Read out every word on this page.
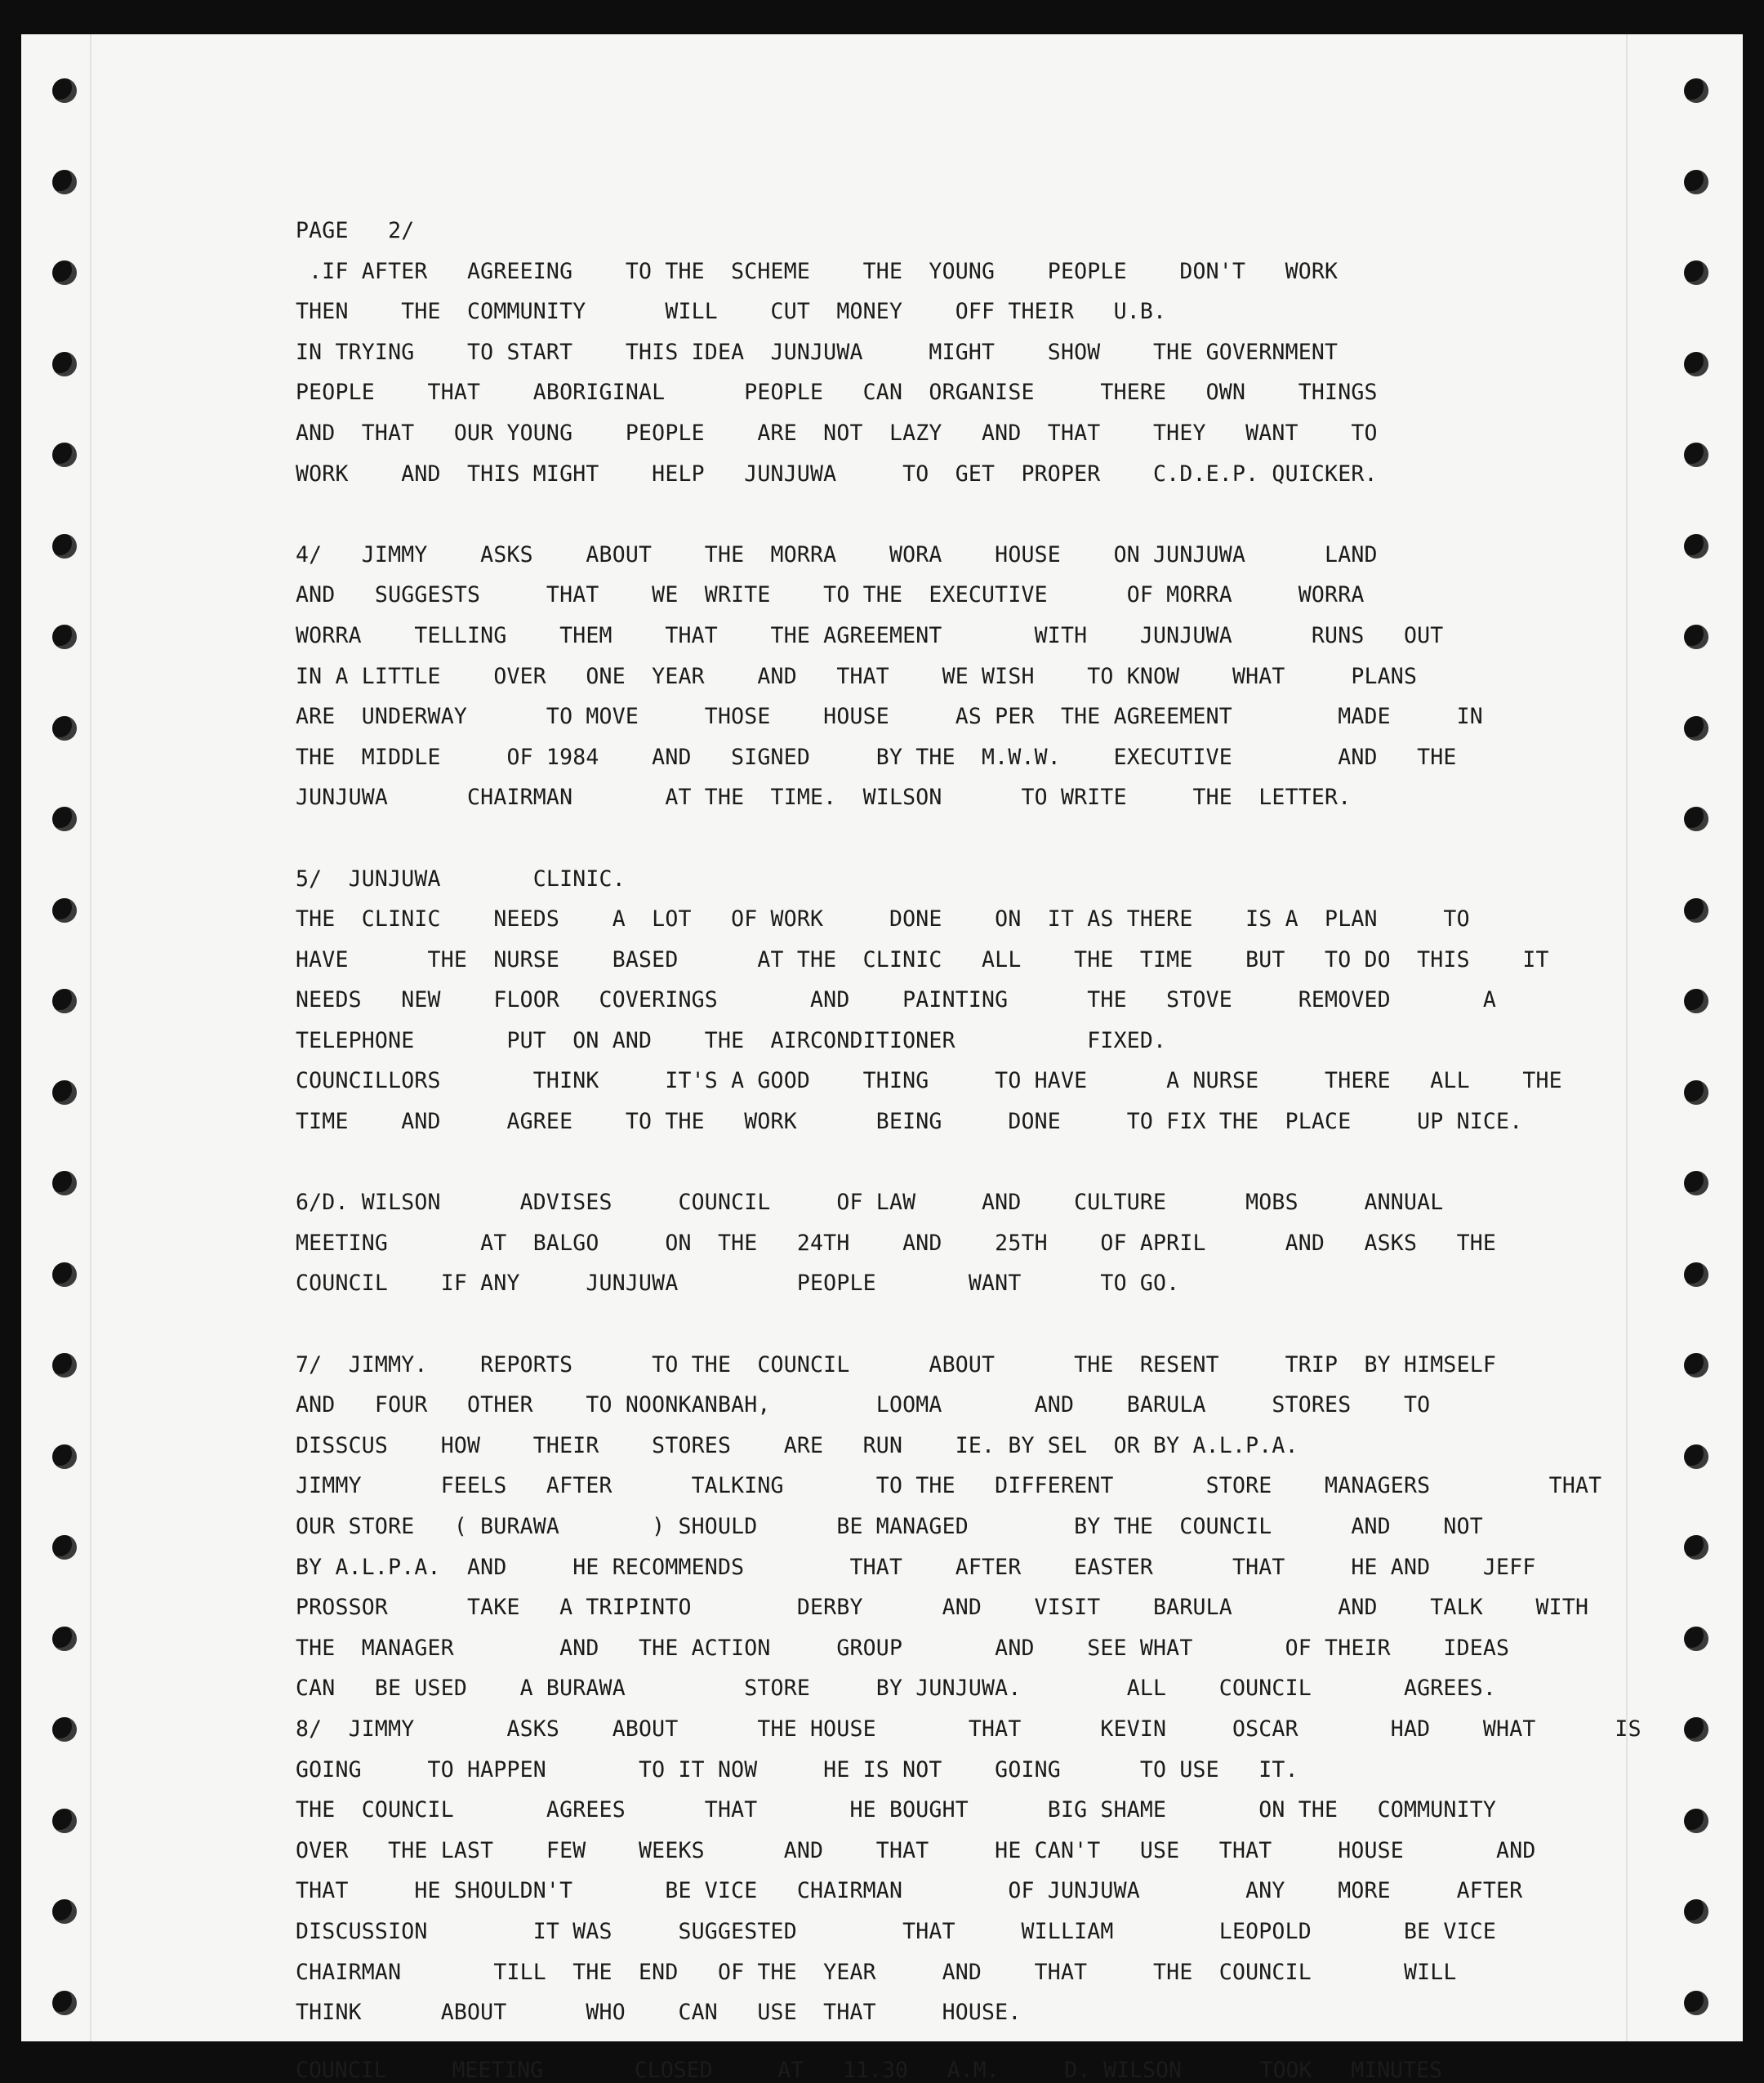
PAGE   2/
.IF AFTER   AGREEING    TO THE  SCHEME    THE  YOUNG    PEOPLE    DON'T   WORK
THEN    THE  COMMUNITY      WILL    CUT  MONEY    OFF THEIR   U.B.
IN TRYING    TO START    THIS IDEA  JUNJUWA     MIGHT    SHOW    THE GOVERNMENT
PEOPLE    THAT    ABORIGINAL      PEOPLE   CAN  ORGANISE     THERE   OWN    THINGS
AND  THAT   OUR YOUNG    PEOPLE    ARE  NOT  LAZY   AND  THAT    THEY   WANT    TO
WORK    AND  THIS MIGHT    HELP   JUNJUWA     TO  GET  PROPER    C.D.E.P. QUICKER.

4/   JIMMY    ASKS    ABOUT    THE  MORRA    WORA    HOUSE    ON JUNJUWA      LAND
AND   SUGGESTS     THAT    WE  WRITE    TO THE  EXECUTIVE      OF MORRA     WORRA
WORRA    TELLING    THEM    THAT    THE AGREEMENT       WITH    JUNJUWA      RUNS   OUT
IN A LITTLE    OVER   ONE  YEAR    AND   THAT    WE WISH    TO KNOW    WHAT     PLANS
ARE  UNDERWAY      TO MOVE     THOSE    HOUSE     AS PER  THE AGREEMENT        MADE     IN
THE  MIDDLE     OF 1984    AND   SIGNED     BY THE  M.W.W.    EXECUTIVE        AND   THE
JUNJUWA      CHAIRMAN       AT THE  TIME.  WILSON      TO WRITE     THE  LETTER.

5/  JUNJUWA       CLINIC.
THE  CLINIC    NEEDS    A  LOT   OF WORK     DONE    ON  IT AS THERE    IS A  PLAN     TO
HAVE      THE  NURSE    BASED      AT THE  CLINIC   ALL    THE  TIME    BUT   TO DO  THIS    IT
NEEDS   NEW    FLOOR   COVERINGS       AND    PAINTING      THE   STOVE     REMOVED       A
TELEPHONE       PUT  ON AND    THE  AIRCONDITIONER          FIXED.
COUNCILLORS       THINK     IT'S A GOOD    THING     TO HAVE      A NURSE     THERE   ALL    THE
TIME    AND     AGREE    TO THE   WORK      BEING     DONE     TO FIX THE  PLACE     UP NICE.

6/D. WILSON      ADVISES     COUNCIL     OF LAW     AND    CULTURE      MOBS     ANNUAL
MEETING       AT  BALGO     ON  THE   24TH    AND    25TH    OF APRIL      AND   ASKS   THE
COUNCIL    IF ANY     JUNJUWA         PEOPLE       WANT      TO GO.

7/  JIMMY.    REPORTS      TO THE  COUNCIL      ABOUT      THE  RESENT     TRIP  BY HIMSELF
AND   FOUR   OTHER    TO NOONKANBAH,        LOOMA       AND    BARULA     STORES    TO
DISSCUS    HOW    THEIR    STORES    ARE   RUN    IE. BY SEL  OR BY A.L.P.A.
JIMMY      FEELS   AFTER      TALKING       TO THE   DIFFERENT       STORE    MANAGERS         THAT
OUR STORE   ( BURAWA       ) SHOULD      BE MANAGED        BY THE  COUNCIL      AND    NOT
BY A.L.P.A.  AND     HE RECOMMENDS        THAT    AFTER    EASTER      THAT     HE AND    JEFF
PROSSOR      TAKE   A TRIPINTO        DERBY      AND    VISIT    BARULA        AND    TALK    WITH
THE  MANAGER        AND   THE ACTION     GROUP       AND    SEE WHAT       OF THEIR    IDEAS
CAN   BE USED    A BURAWA         STORE     BY JUNJUWA.        ALL    COUNCIL       AGREES.
8/  JIMMY       ASKS    ABOUT      THE HOUSE       THAT      KEVIN     OSCAR       HAD    WHAT      IS
GOING     TO HAPPEN       TO IT NOW     HE IS NOT    GOING      TO USE   IT.
THE  COUNCIL       AGREES      THAT       HE BOUGHT      BIG SHAME       ON THE   COMMUNITY
OVER   THE LAST    FEW    WEEKS      AND    THAT     HE CAN'T   USE   THAT     HOUSE       AND
THAT     HE SHOULDN'T       BE VICE   CHAIRMAN        OF JUNJUWA        ANY    MORE     AFTER
DISCUSSION        IT WAS     SUGGESTED        THAT     WILLIAM        LEOPOLD       BE VICE
CHAIRMAN       TILL  THE  END   OF THE  YEAR     AND    THAT     THE  COUNCIL       WILL
THINK      ABOUT      WHO    CAN   USE  THAT     HOUSE.
COUNCIL     MEETING       CLOSED     AT   11.30   A.M.     D. WILSON      TOOK   MINUTES
